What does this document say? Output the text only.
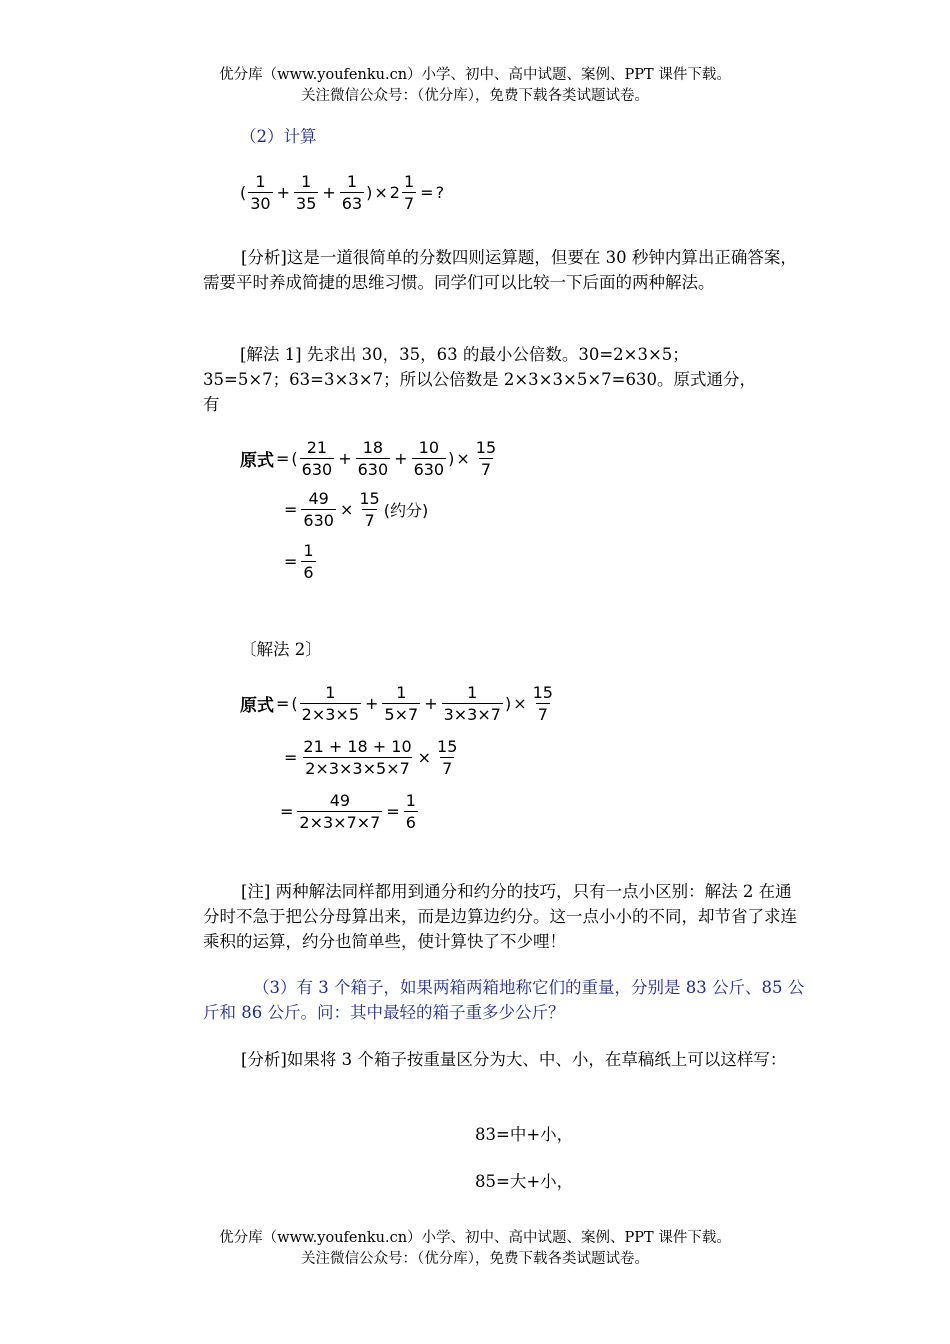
优分库（www.youfenku.cn）小学、初中、高中试题、案例、PPT 课件下载。
关注微信公众号：（优分库），免费下载各类试题试卷。
（2）计算
( $\frac{1}{30} + \frac{1}{35} + \frac{1}{63}$ ) × $2 \frac{1}{7}$ = ?
[分析]这是一道很简单的分数四则运算题，但要在 30 秒钟内算出正确答案，需要平时养成简捷的思维习惯。同学们可以比较一下后面的两种解法。
[解法 1] 先求出 30，35，63 的最小公倍数。30=2×3×5；
35=5×7；63=3×3×7；所以公倍数是 2×3×3×5×7=630。原式通分，
有
原式 = ( $\frac{21}{630} + \frac{18}{630} + \frac{10}{630}$ ) × $\frac{15}{7}$
= $\frac{49}{630} \times \frac{15}{7}$ (约分)
= $\frac{1}{6}$
〔解法 2〕
原式 = ( $\frac{1}{2\times 3\times 5} + \frac{1}{5\times 7} + \frac{1}{3\times 3\times 7}$ ) × $\frac{15}{7}$
= $\frac{21 + 18 + 10}{2\times 3\times 3\times 5\times 7} \times \frac{15}{7}$
= $\frac{49}{2\times 3\times 7\times 7} = \frac{1}{6}$
[注] 两种解法同样都用到通分和约分的技巧，只有一点小区别：解法 2 在通分时不急于把公分母算出来，而是边算边约分。这一点小小的不同，却节省了求连乘积的运算，约分也简单些，使计算快了不少哩！
（3）有 3 个箱子，如果两箱两箱地称它们的重量，分别是 83 公斤、85 公斤和 86 公斤。问：其中最轻的箱子重多少公斤？
[分析]如果将 3 个箱子按重量区分为大、中、小，在草稿纸上可以这样写：
83=中+小，
85=大+小，
优分库（www.youfenku.cn）小学、初中、高中试题、案例、PPT 课件下载。
关注微信公众号：（优分库），免费下载各类试题试卷。
